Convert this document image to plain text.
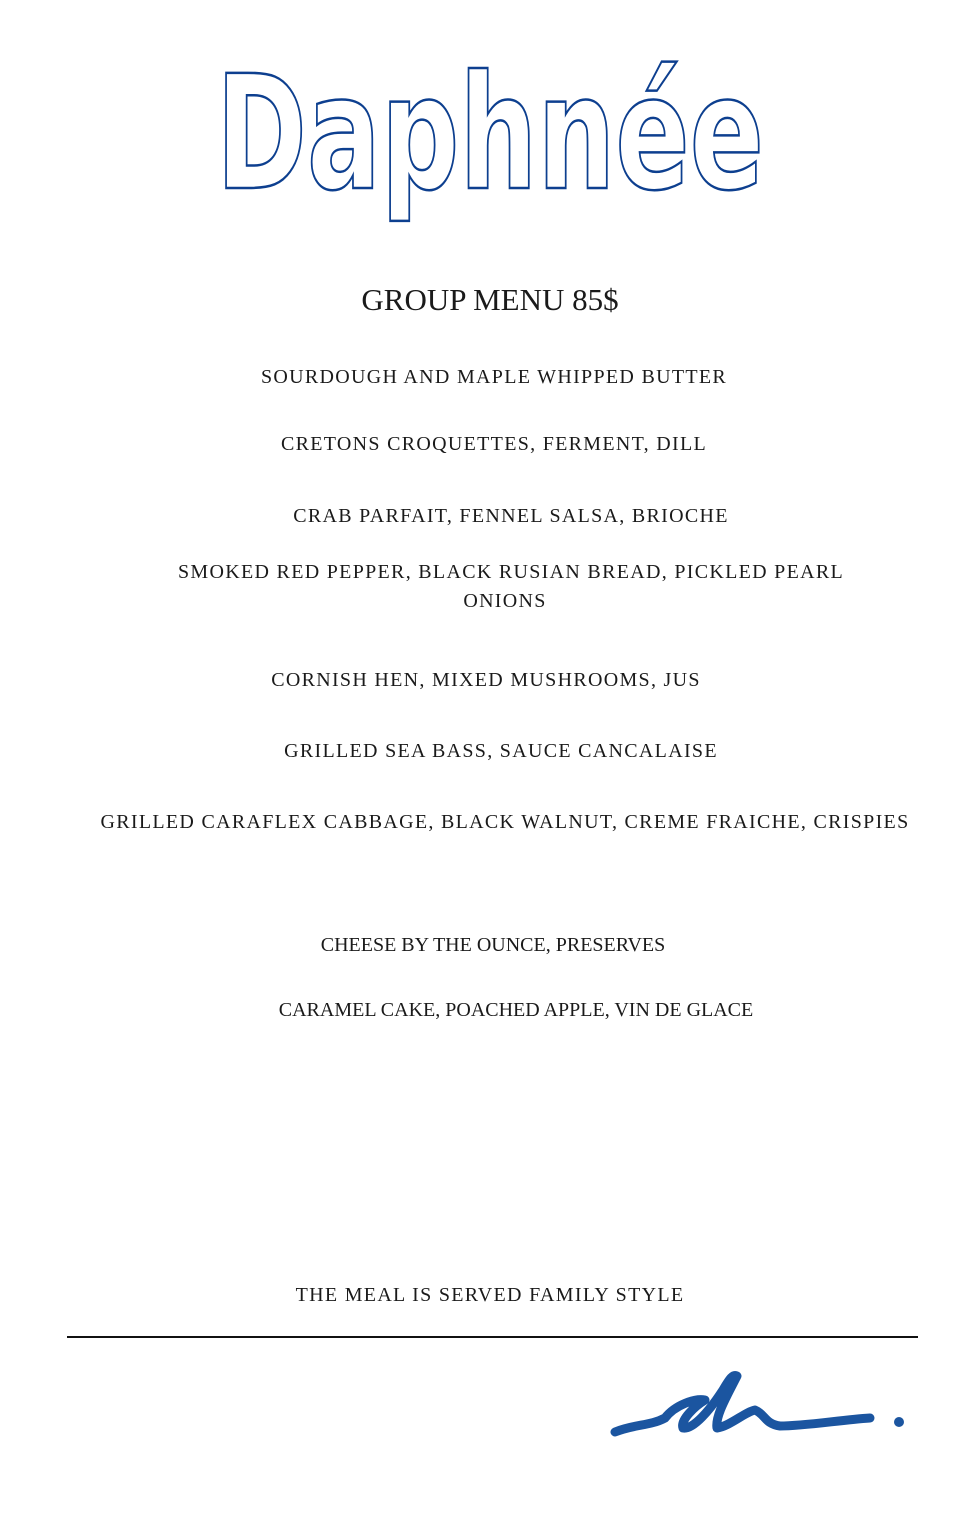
Daphnée
GROUP MENU 85$
SOURDOUGH AND MAPLE WHIPPED BUTTER
CRETONS CROQUETTES, FERMENT, DILL
CRAB PARFAIT, FENNEL SALSA, BRIOCHE
SMOKED RED PEPPER, BLACK RUSIAN BREAD, PICKLED PEARL
ONIONS
CORNISH HEN, MIXED MUSHROOMS, JUS
GRILLED SEA BASS, SAUCE CANCALAISE
GRILLED CARAFLEX CABBAGE, BLACK WALNUT, CREME FRAICHE, CRISPIES
CHEESE BY THE OUNCE, PRESERVES
CARAMEL CAKE, POACHED APPLE, VIN DE GLACE
THE MEAL IS SERVED FAMILY STYLE
